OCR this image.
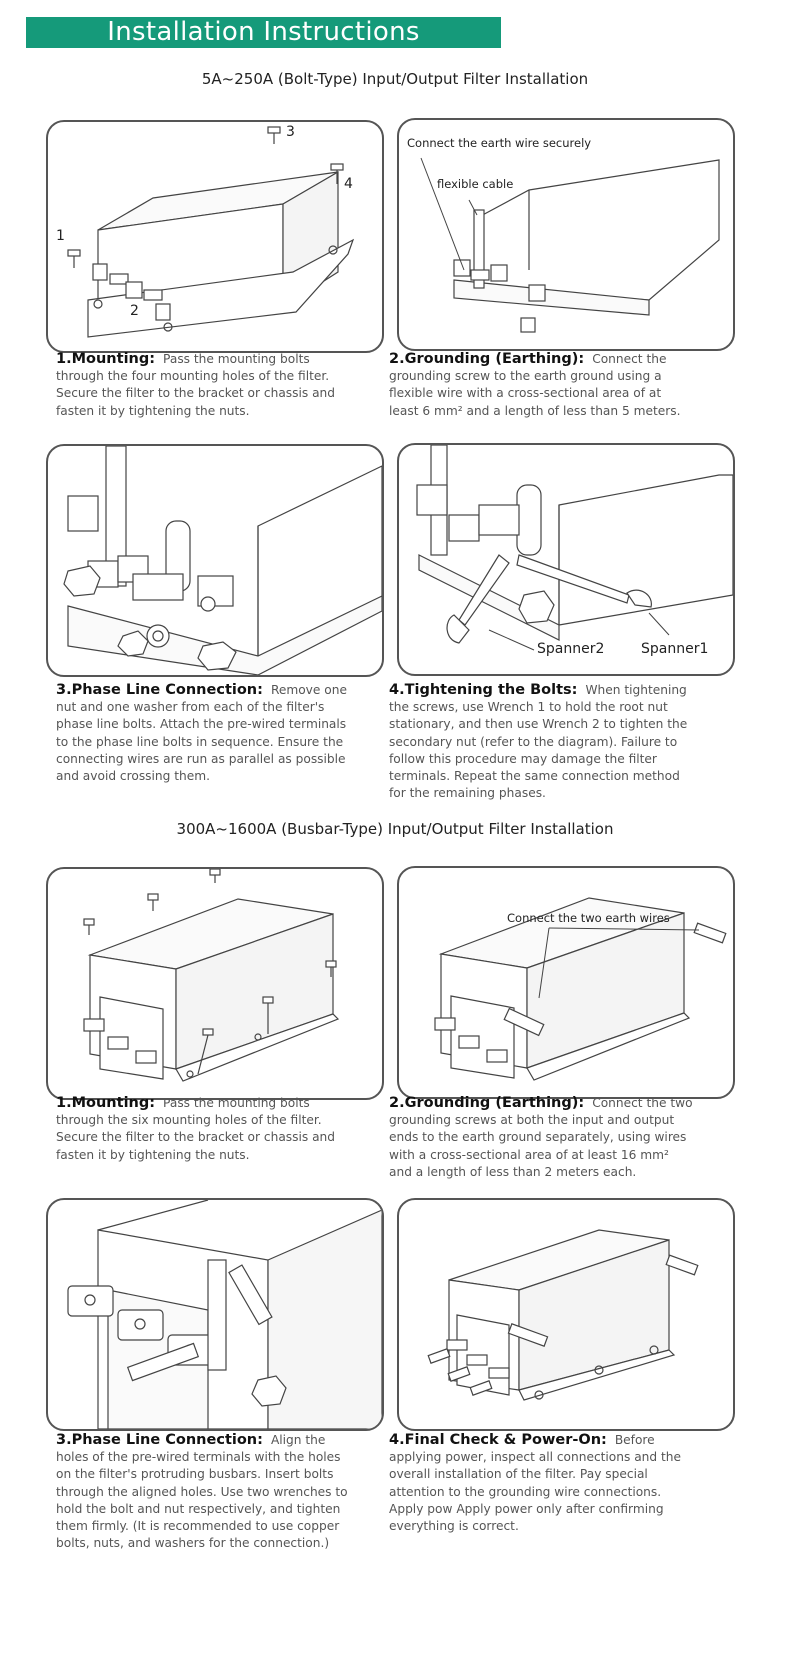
Installation Instructions
5A~250A (Bolt-Type) Input/Output Filter Installation
1
2
3
4
Connect the earth wire securely
flexible cable
1.Mounting: Pass the mounting bolts through the four mounting holes of the filter. Secure the filter to the bracket or chassis and fasten it by tightening the nuts.
2.Grounding (Earthing): Connect the grounding screw to the earth ground using a flexible wire with a cross-sectional area of at least 6 mm² and a length of less than 5 meters.
Spanner2	Spanner1
3.Phase Line Connection: Remove one nut and one washer from each of the filter's phase line bolts. Attach the pre-wired terminals to the phase line bolts in sequence. Ensure the connecting wires are run as parallel as possible and avoid crossing them.
4.Tightening the Bolts: When tightening the screws, use Wrench 1 to hold the root nut stationary, and then use Wrench 2 to tighten the secondary nut (refer to the diagram). Failure to follow this procedure may damage the filter terminals. Repeat the same connection method for the remaining phases.
300A~1600A (Busbar-Type) Input/Output Filter Installation
Connect the two earth wires
1.Mounting: Pass the mounting bolts through the six mounting holes of the filter. Secure the filter to the bracket or chassis and fasten it by tightening the nuts.
2.Grounding (Earthing): Connect the two grounding screws at both the input and output ends to the earth ground separately, using wires with a cross-sectional area of at least 16 mm² and a length of less than 2 meters each.
3.Phase Line Connection: Align the holes of the pre-wired terminals with the holes on the filter's protruding busbars. Insert bolts through the aligned holes. Use two wrenches to hold the bolt and nut respectively, and tighten them firmly. (It is recommended to use copper bolts, nuts, and washers for the connection.)
4.Final Check & Power-On: Before applying power, inspect all connections and the overall installation of the filter. Pay special attention to the grounding wire connections. Apply pow Apply power only after confirming everything is correct.
